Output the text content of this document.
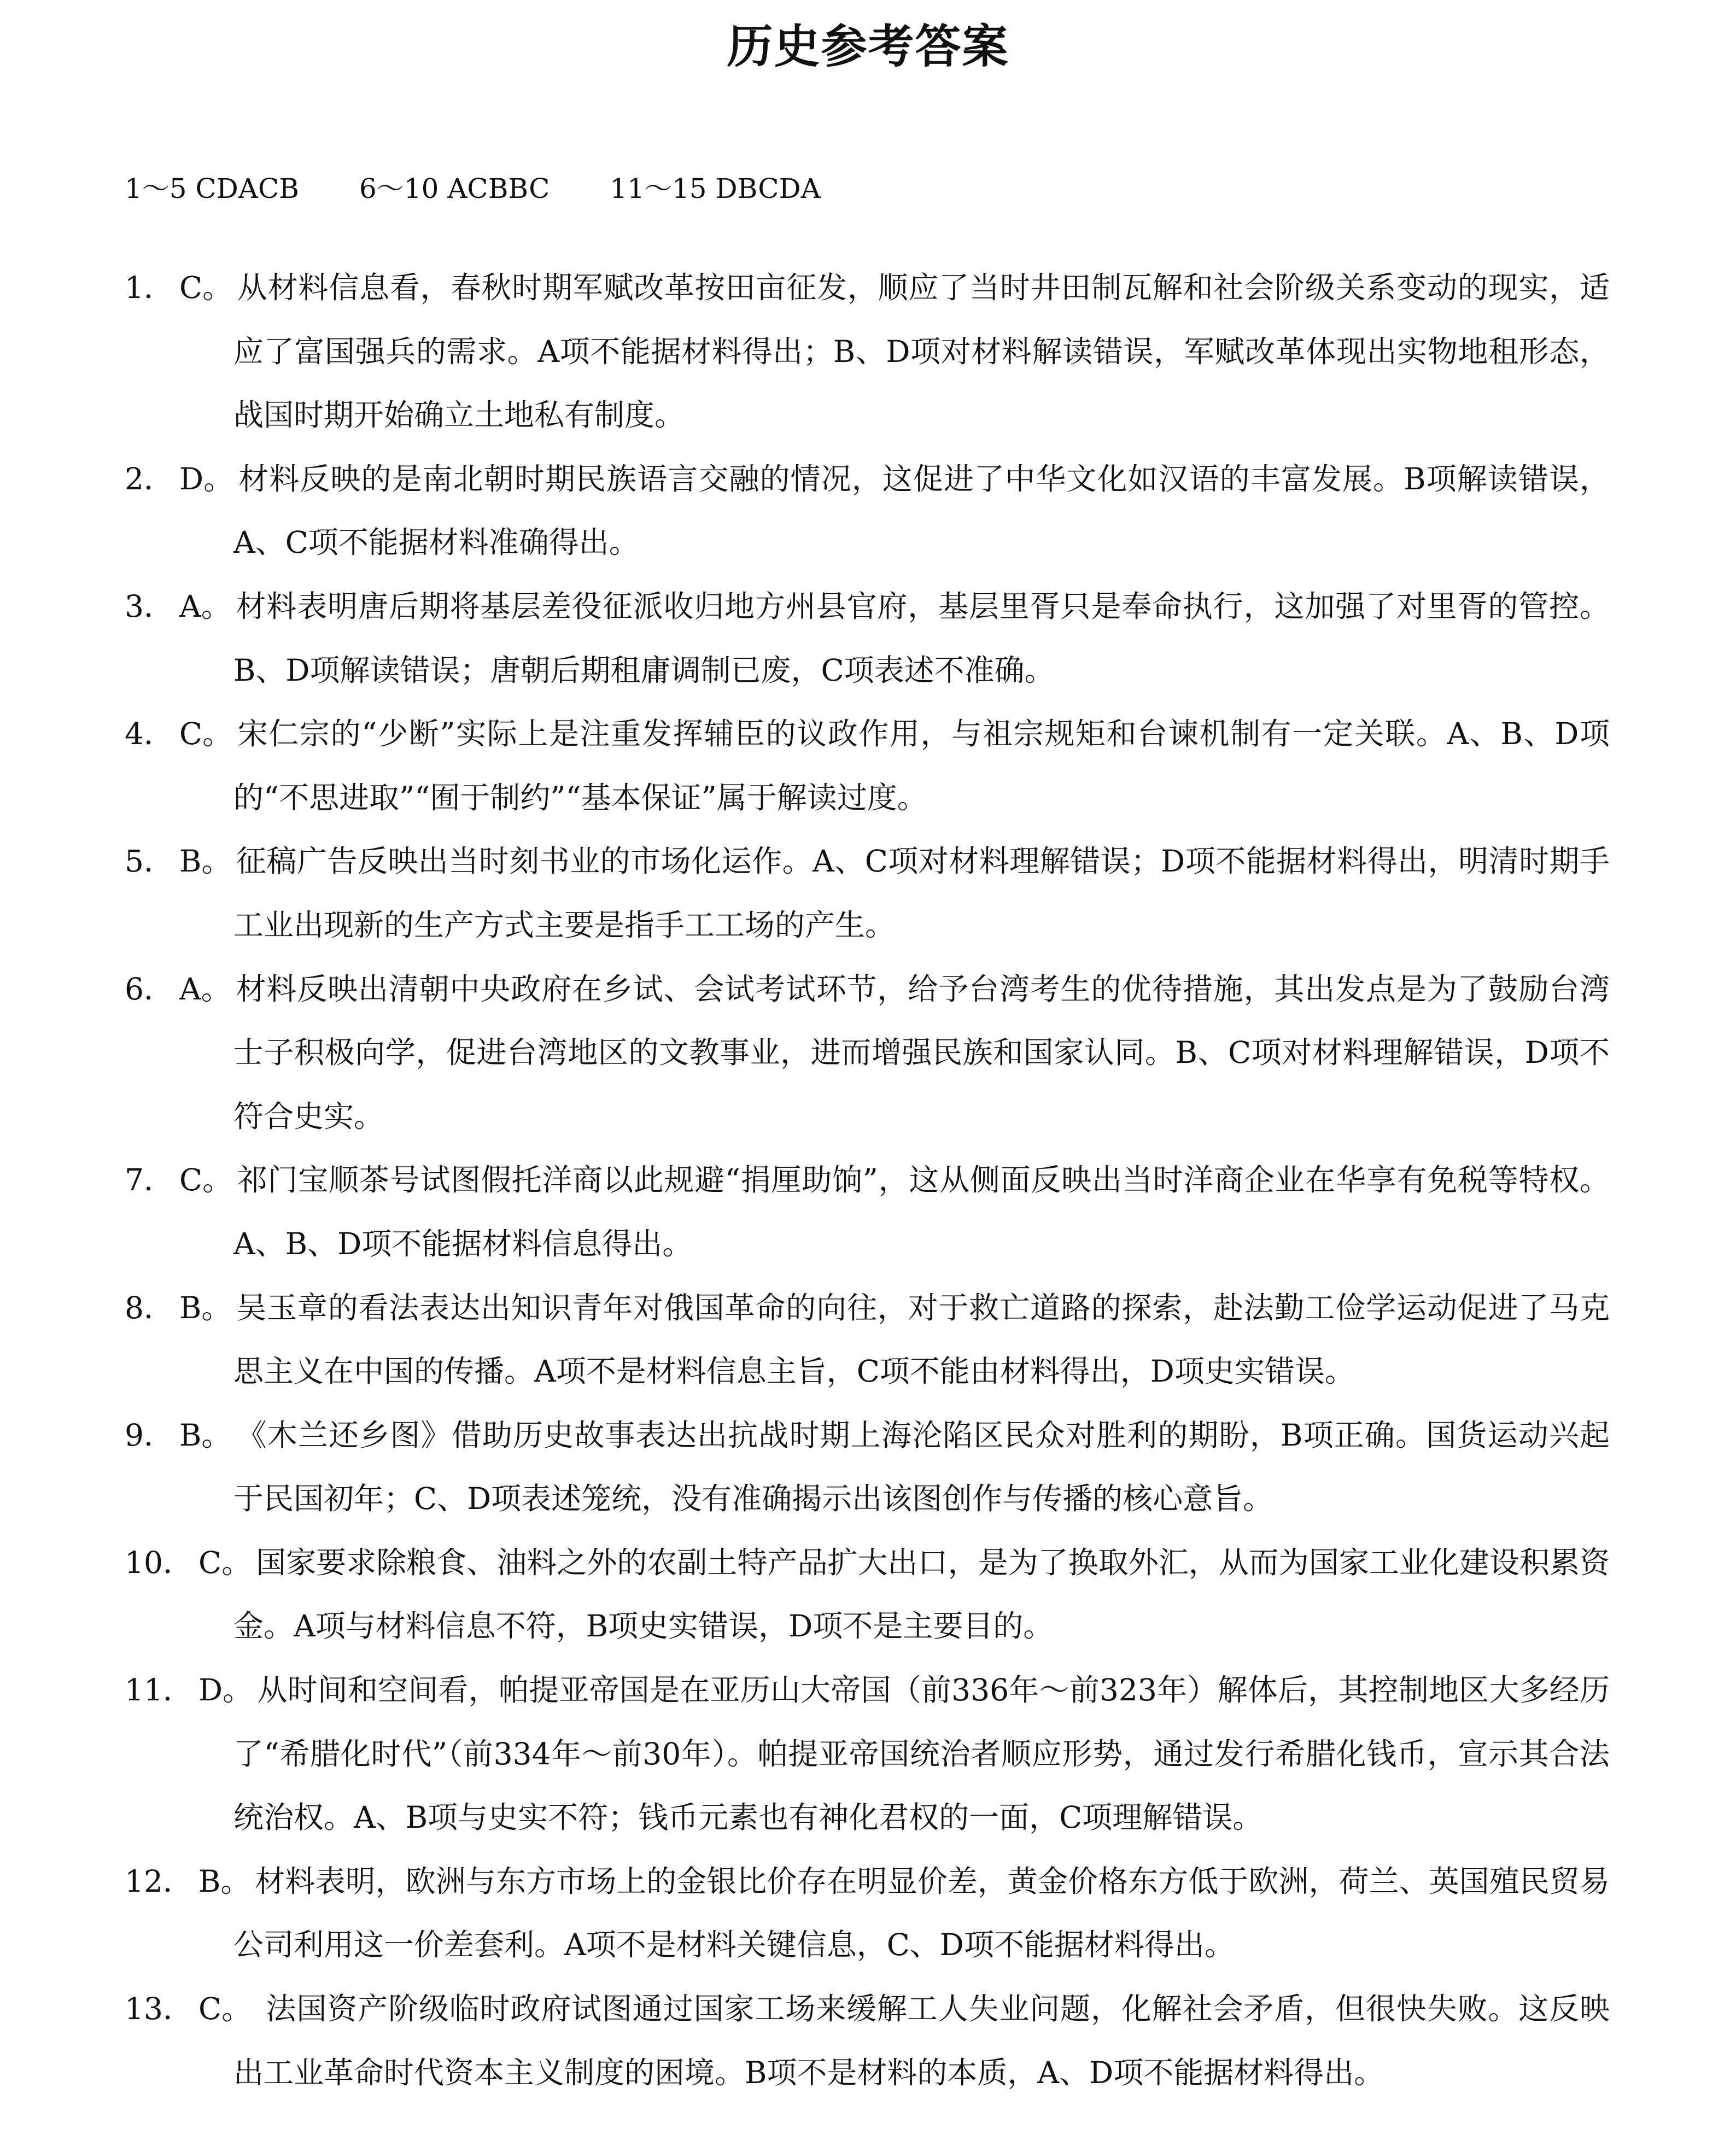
历史参考答案
1～5 CDACB 6～10 ACBBC 11～15 DBCDA
1． C。 从材料信息看，春秋时期军赋改革按田亩征发，顺应了当时井田制瓦解和社会阶级关系变动的现实，适应了富国强兵的需求。A项不能据材料得出；B、D项对材料解读错误，军赋改革体现出实物地租形态，战国时期开始确立土地私有制度。
2． D。 材料反映的是南北朝时期民族语言交融的情况，这促进了中华文化如汉语的丰富发展。B项解读错误，A、C项不能据材料准确得出。
3． A。 材料表明唐后期将基层差役征派收归地方州县官府，基层里胥只是奉命执行，这加强了对里胥的管控。B、D项解读错误；唐朝后期租庸调制已废，C项表述不准确。
4． C。 宋仁宗的“少断”实际上是注重发挥辅臣的议政作用，与祖宗规矩和台谏机制有一定关联。A、B、D项的“不思进取”“囿于制约”“基本保证”属于解读过度。
5． B。 征稿广告反映出当时刻书业的市场化运作。A、C项对材料理解错误；D项不能据材料得出，明清时期手工业出现新的生产方式主要是指手工工场的产生。
6． A。 材料反映出清朝中央政府在乡试、会试考试环节，给予台湾考生的优待措施，其出发点是为了鼓励台湾士子积极向学，促进台湾地区的文教事业，进而增强民族和国家认同。B、C项对材料理解错误，D项不符合史实。
7． C。 祁门宝顺茶号试图假托洋商以此规避“捐厘助饷”，这从侧面反映出当时洋商企业在华享有免税等特权。 A、B、D项不能据材料信息得出。
8． B。 吴玉章的看法表达出知识青年对俄国革命的向往，对于救亡道路的探索，赴法勤工俭学运动促进了马克思主义在中国的传播。A项不是材料信息主旨，C项不能由材料得出，D项史实错误。
9． B。 《木兰还乡图》借助历史故事表达出抗战时期上海沦陷区民众对胜利的期盼，B项正确。国货运动兴起于民国初年；C、D项表述笼统，没有准确揭示出该图创作与传播的核心意旨。
10． C。 国家要求除粮食、油料之外的农副土特产品扩大出口，是为了换取外汇，从而为国家工业化建设积累资金。A项与材料信息不符，B项史实错误，D项不是主要目的。
11． D。 从时间和空间看，帕提亚帝国是在亚历山大帝国（前336年～前323年）解体后，其控制地区大多经历了“希腊化时代”（前334年～前30年）。帕提亚帝国统治者顺应形势，通过发行希腊化钱币，宣示其合法统治权。A、B项与史实不符；钱币元素也有神化君权的一面，C项理解错误。
12． B。 材料表明，欧洲与东方市场上的金银比价存在明显价差，黄金价格东方低于欧洲，荷兰、英国殖民贸易公司利用这一价差套利。A项不是材料关键信息，C、D项不能据材料得出。
13． C。 法国资产阶级临时政府试图通过国家工场来缓解工人失业问题，化解社会矛盾，但很快失败。这反映出工业革命时代资本主义制度的困境。B项不是材料的本质，A、D项不能据材料得出。
